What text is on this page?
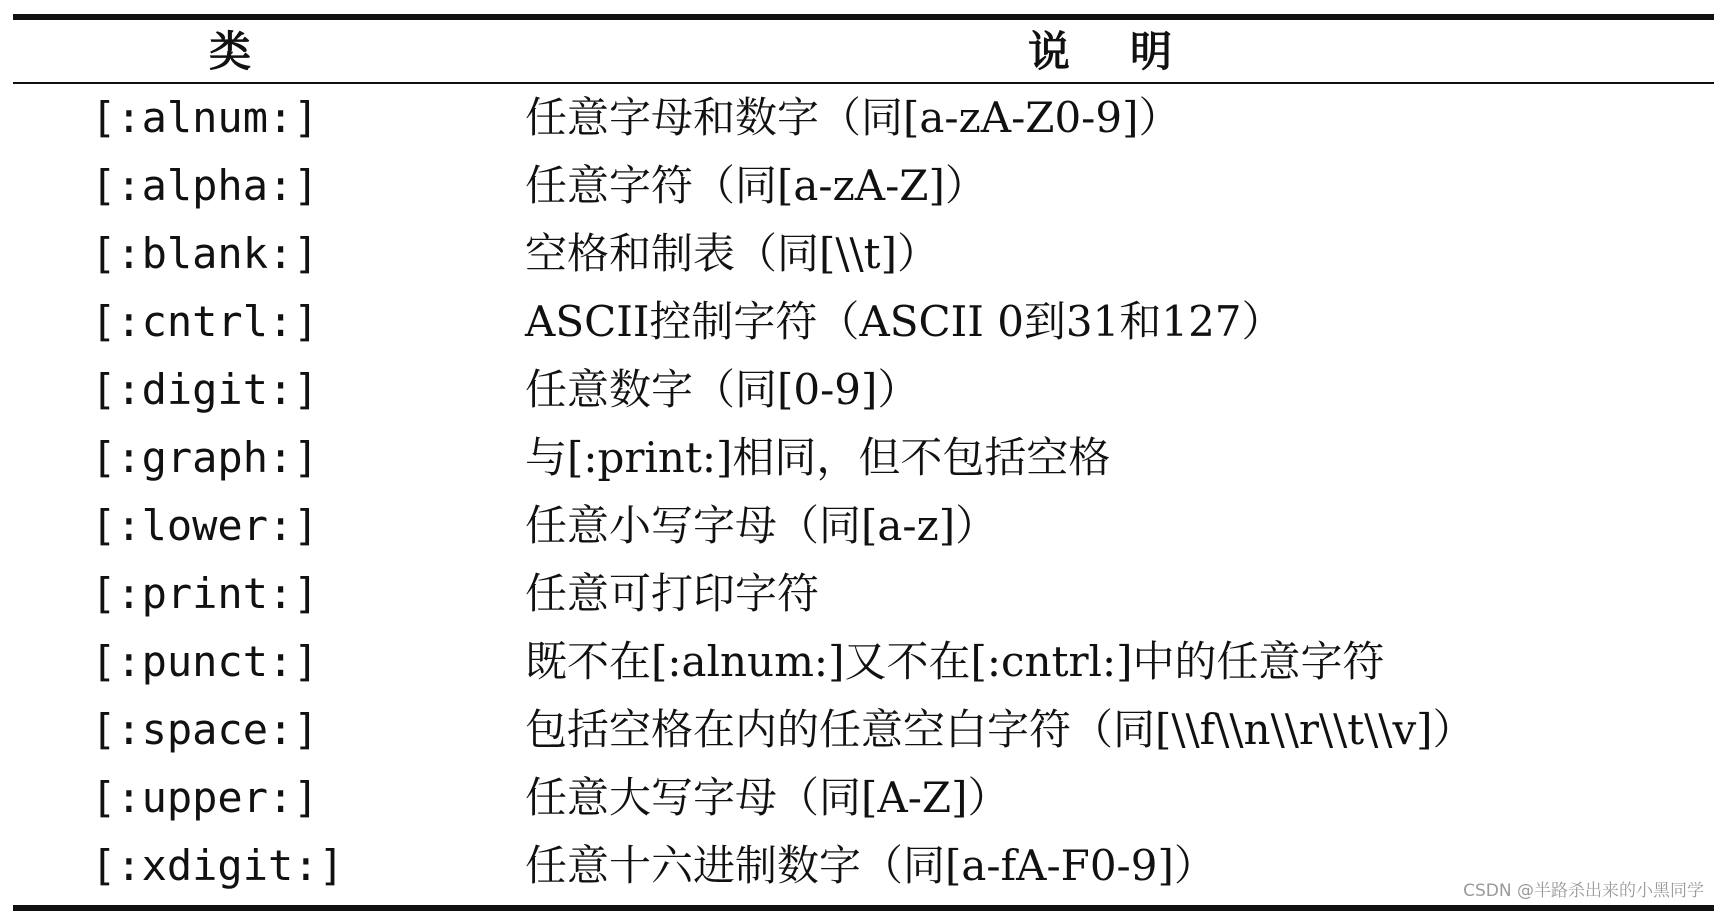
类	说明
[:alnum:]	任意字母和数字（同[a-zA-Z0-9]）
[:alpha:]	任意字符（同[a-zA-Z]）
[:blank:]	空格和制表（同[\\t]）
[:cntrl:]	ASCII控制字符（ASCII 0到31和127）
[:digit:]	任意数字（同[0-9]）
[:graph:]	与[:print:]相同，但不包括空格
[:lower:]	任意小写字母（同[a-z]）
[:print:]	任意可打印字符
[:punct:]	既不在[:alnum:]又不在[:cntrl:]中的任意字符
[:space:]	包括空格在内的任意空白字符（同[\\f\\n\\r\\t\\v]）
[:upper:]	任意大写字母（同[A-Z]）
[:xdigit:]	任意十六进制数字（同[a-fA-F0-9]）
CSDN @半路杀出来的小黑同学
